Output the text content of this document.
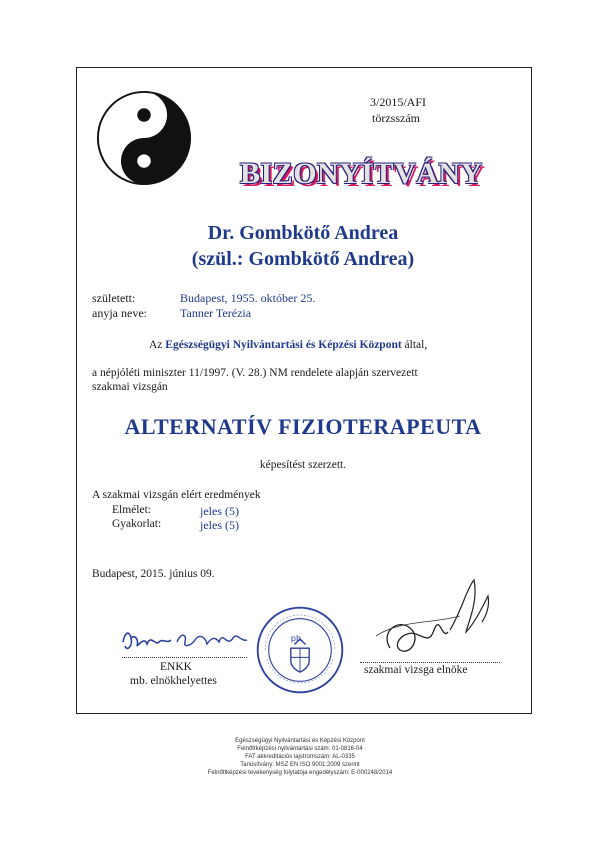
3/2015/AFI
törzsszám
BIZONYÍTVÁNY
Dr. Gombkötő Andrea
(szül.: Gombkötő Andrea)
született:	Budapest, 1955. október 25.
anyja neve:	Tanner Terézia
Az Egészségügyi Nyilvántartási és Képzési Központ által,
a népjóléti miniszter 11/1997. (V. 28.) NM rendelete alapján szervezett
szakmai vizsgán
ALTERNATÍV FIZIOTERAPEUTA
képesítést szerzett.
A szakmai vizsgán elért eredmények
Elmélet:	jeles (5)
Gyakorlat:	jeles (5)
Budapest, 2015. június 09.
ENKK
mb. elnökhelyettes
ph
szakmai vizsga elnöke
Egészségügyi Nyilvántartási és Képzési Központ
Felnőttképzési nyilvántartási szám: 01-0816-04
FAT akkreditációs lajstromszám: AL-0335
Tanúsítvány: MSZ EN ISO 9001:2009 szerint
Felnőttképzési tevékenység folytatója engedélyszám: E-000248/2014
